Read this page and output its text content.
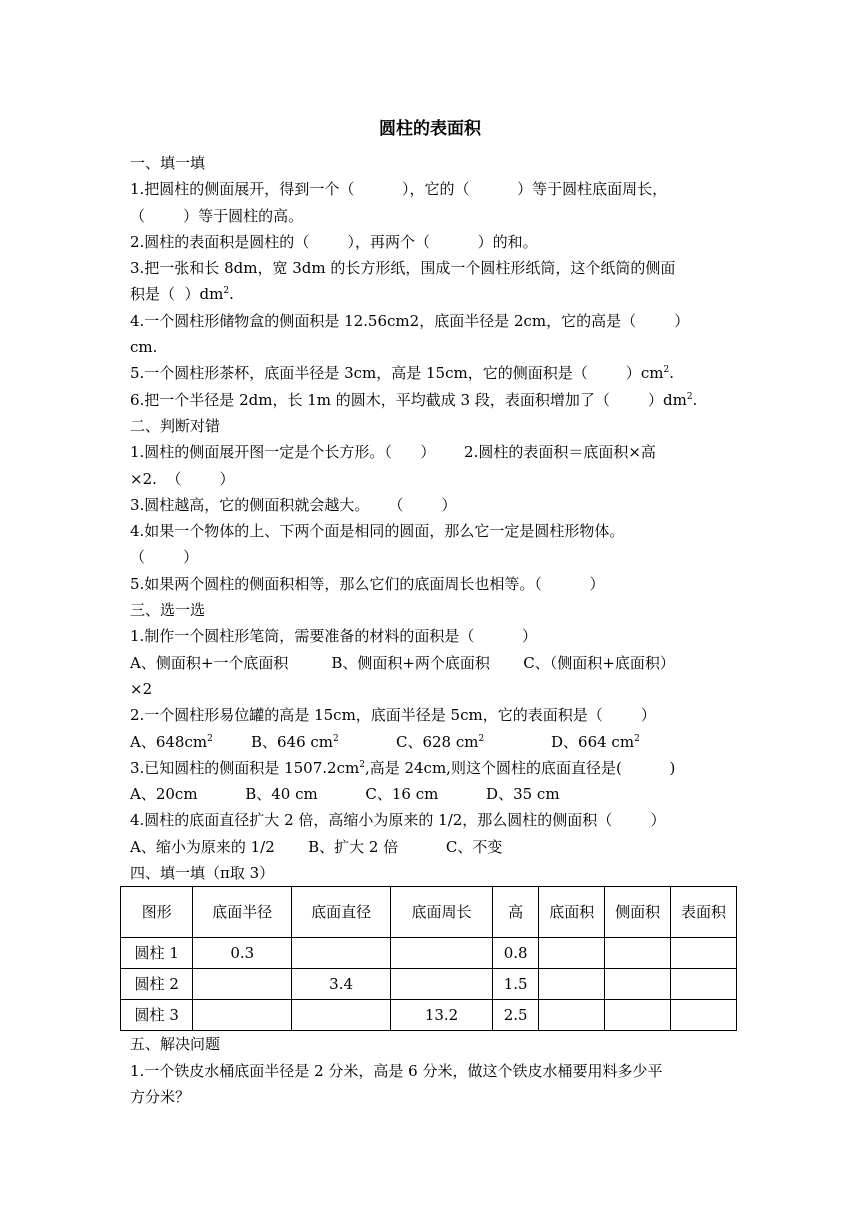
圆柱的表面积
一、填一填
1.把圆柱的侧面展开，得到一个（          ），它的（          ）等于圆柱底面周长，
（        ）等于圆柱的高。
2.圆柱的表面积是圆柱的（        ），再两个（          ）的和。
3.把一张和长 8dm，宽 3dm 的长方形纸，围成一个圆柱形纸筒，这个纸筒的侧面
积是（  ）$dm^2$.
4.一个圆柱形储物盒的侧面积是 12.56cm2，底面半径是 2cm，它的高是（        ）
cm.
5.一个圆柱形茶杯，底面半径是 3cm，高是 15cm，它的侧面积是（        ）$cm^2$.
6.把一个半径是 2dm，长 1m 的圆木，平均截成 3 段，表面积增加了（        ）$dm^2$.
二、判断对错
1.圆柱的侧面展开图一定是个长方形。（      ）      2.圆柱的表面积＝底面积×高
×2.  （        ）
3.圆柱越高，它的侧面积就会越大。    （        ）
4.如果一个物体的上、下两个面是相同的圆面，那么它一定是圆柱形物体。
（        ）
5.如果两个圆柱的侧面积相等，那么它们的底面周长也相等。（          ）
三、选一选
1.制作一个圆柱形笔筒，需要准备的材料的面积是（          ）
A、侧面积+一个底面积         B、侧面积+两个底面积       C、（侧面积+底面积）
×2
2.一个圆柱形易位罐的高是 15cm，底面半径是 5cm，它的表面积是（        ）
A、$648cm^2$	B、646 $cm^2$	C、628 $cm^2$	D、664 $cm^2$
3.已知圆柱的侧面积是 $1507.2cm^2$,高是 24cm,则这个圆柱的底面直径是(          )
A、20cm          B、40 cm          C、16 cm          D、35 cm
4.圆柱的底面直径扩大 2 倍，高缩小为原来的 1/2，那么圆柱的侧面积（        ）
A、缩小为原来的 1/2       B、扩大 2 倍          C、不变
四、填一填（π取 3）
图形	底面半径	底面直径	底面周长	高	底面积	侧面积	表面积
圆柱 1	0.3			0.8			
圆柱 2		3.4		1.5			
圆柱 3			13.2	2.5			
五、解决问题
1.一个铁皮水桶底面半径是 2 分米，高是 6 分米，做这个铁皮水桶要用料多少平
方分米？
